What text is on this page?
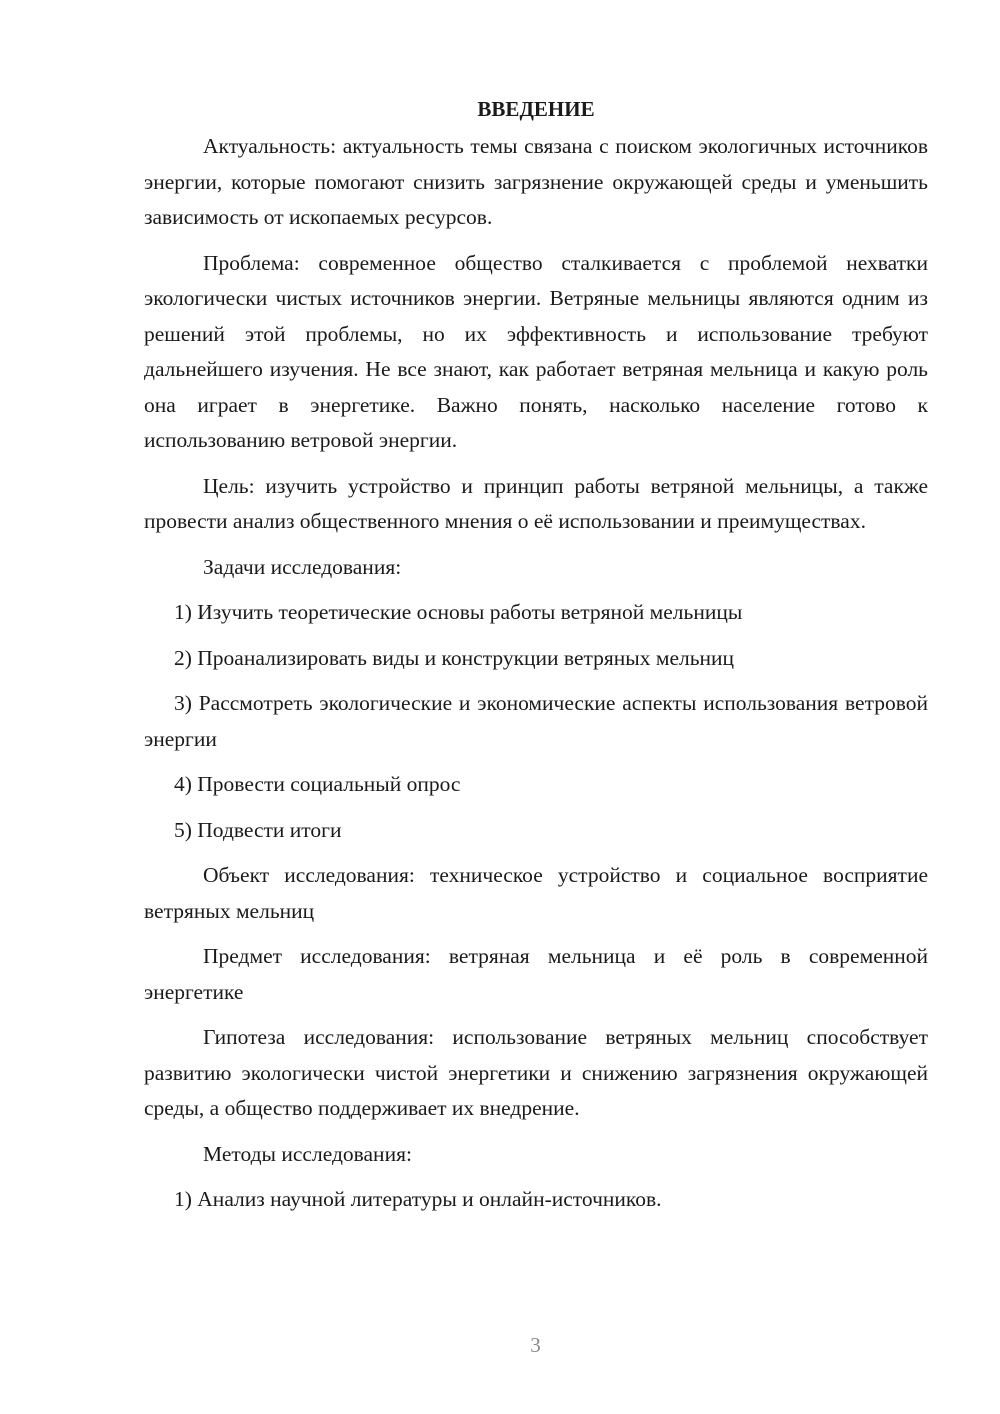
ВВЕДЕНИЕ

Актуальность: актуальность темы связана с поиском экологичных источников энергии, которые помогают снизить загрязнение окружающей среды и уменьшить зависимость от ископаемых ресурсов.

Проблема: современное общество сталкивается с проблемой нехватки экологически чистых источников энергии. Ветряные мельницы являются одним из решений этой проблемы, но их эффективность и использование требуют дальнейшего изучения. Не все знают, как работает ветряная мельница и какую роль она играет в энергетике. Важно понять, насколько население готово к использованию ветровой энергии.

Цель: изучить устройство и принцип работы ветряной мельницы, а также провести анализ общественного мнения о её использовании и преимуществах.

Задачи исследования:

1) Изучить теоретические основы работы ветряной мельницы

2) Проанализировать виды и конструкции ветряных мельниц

3) Рассмотреть экологические и экономические аспекты использования ветровой энергии

4) Провести социальный опрос

5) Подвести итоги

Объект исследования: техническое устройство и социальное восприятие ветряных мельниц

Предмет исследования: ветряная мельница и её роль в современной энергетике

Гипотеза исследования: использование ветряных мельниц способствует развитию экологически чистой энергетики и снижению загрязнения окружающей среды, а общество поддерживает их внедрение.

Методы исследования:

1) Анализ научной литературы и онлайн-источников.

3
